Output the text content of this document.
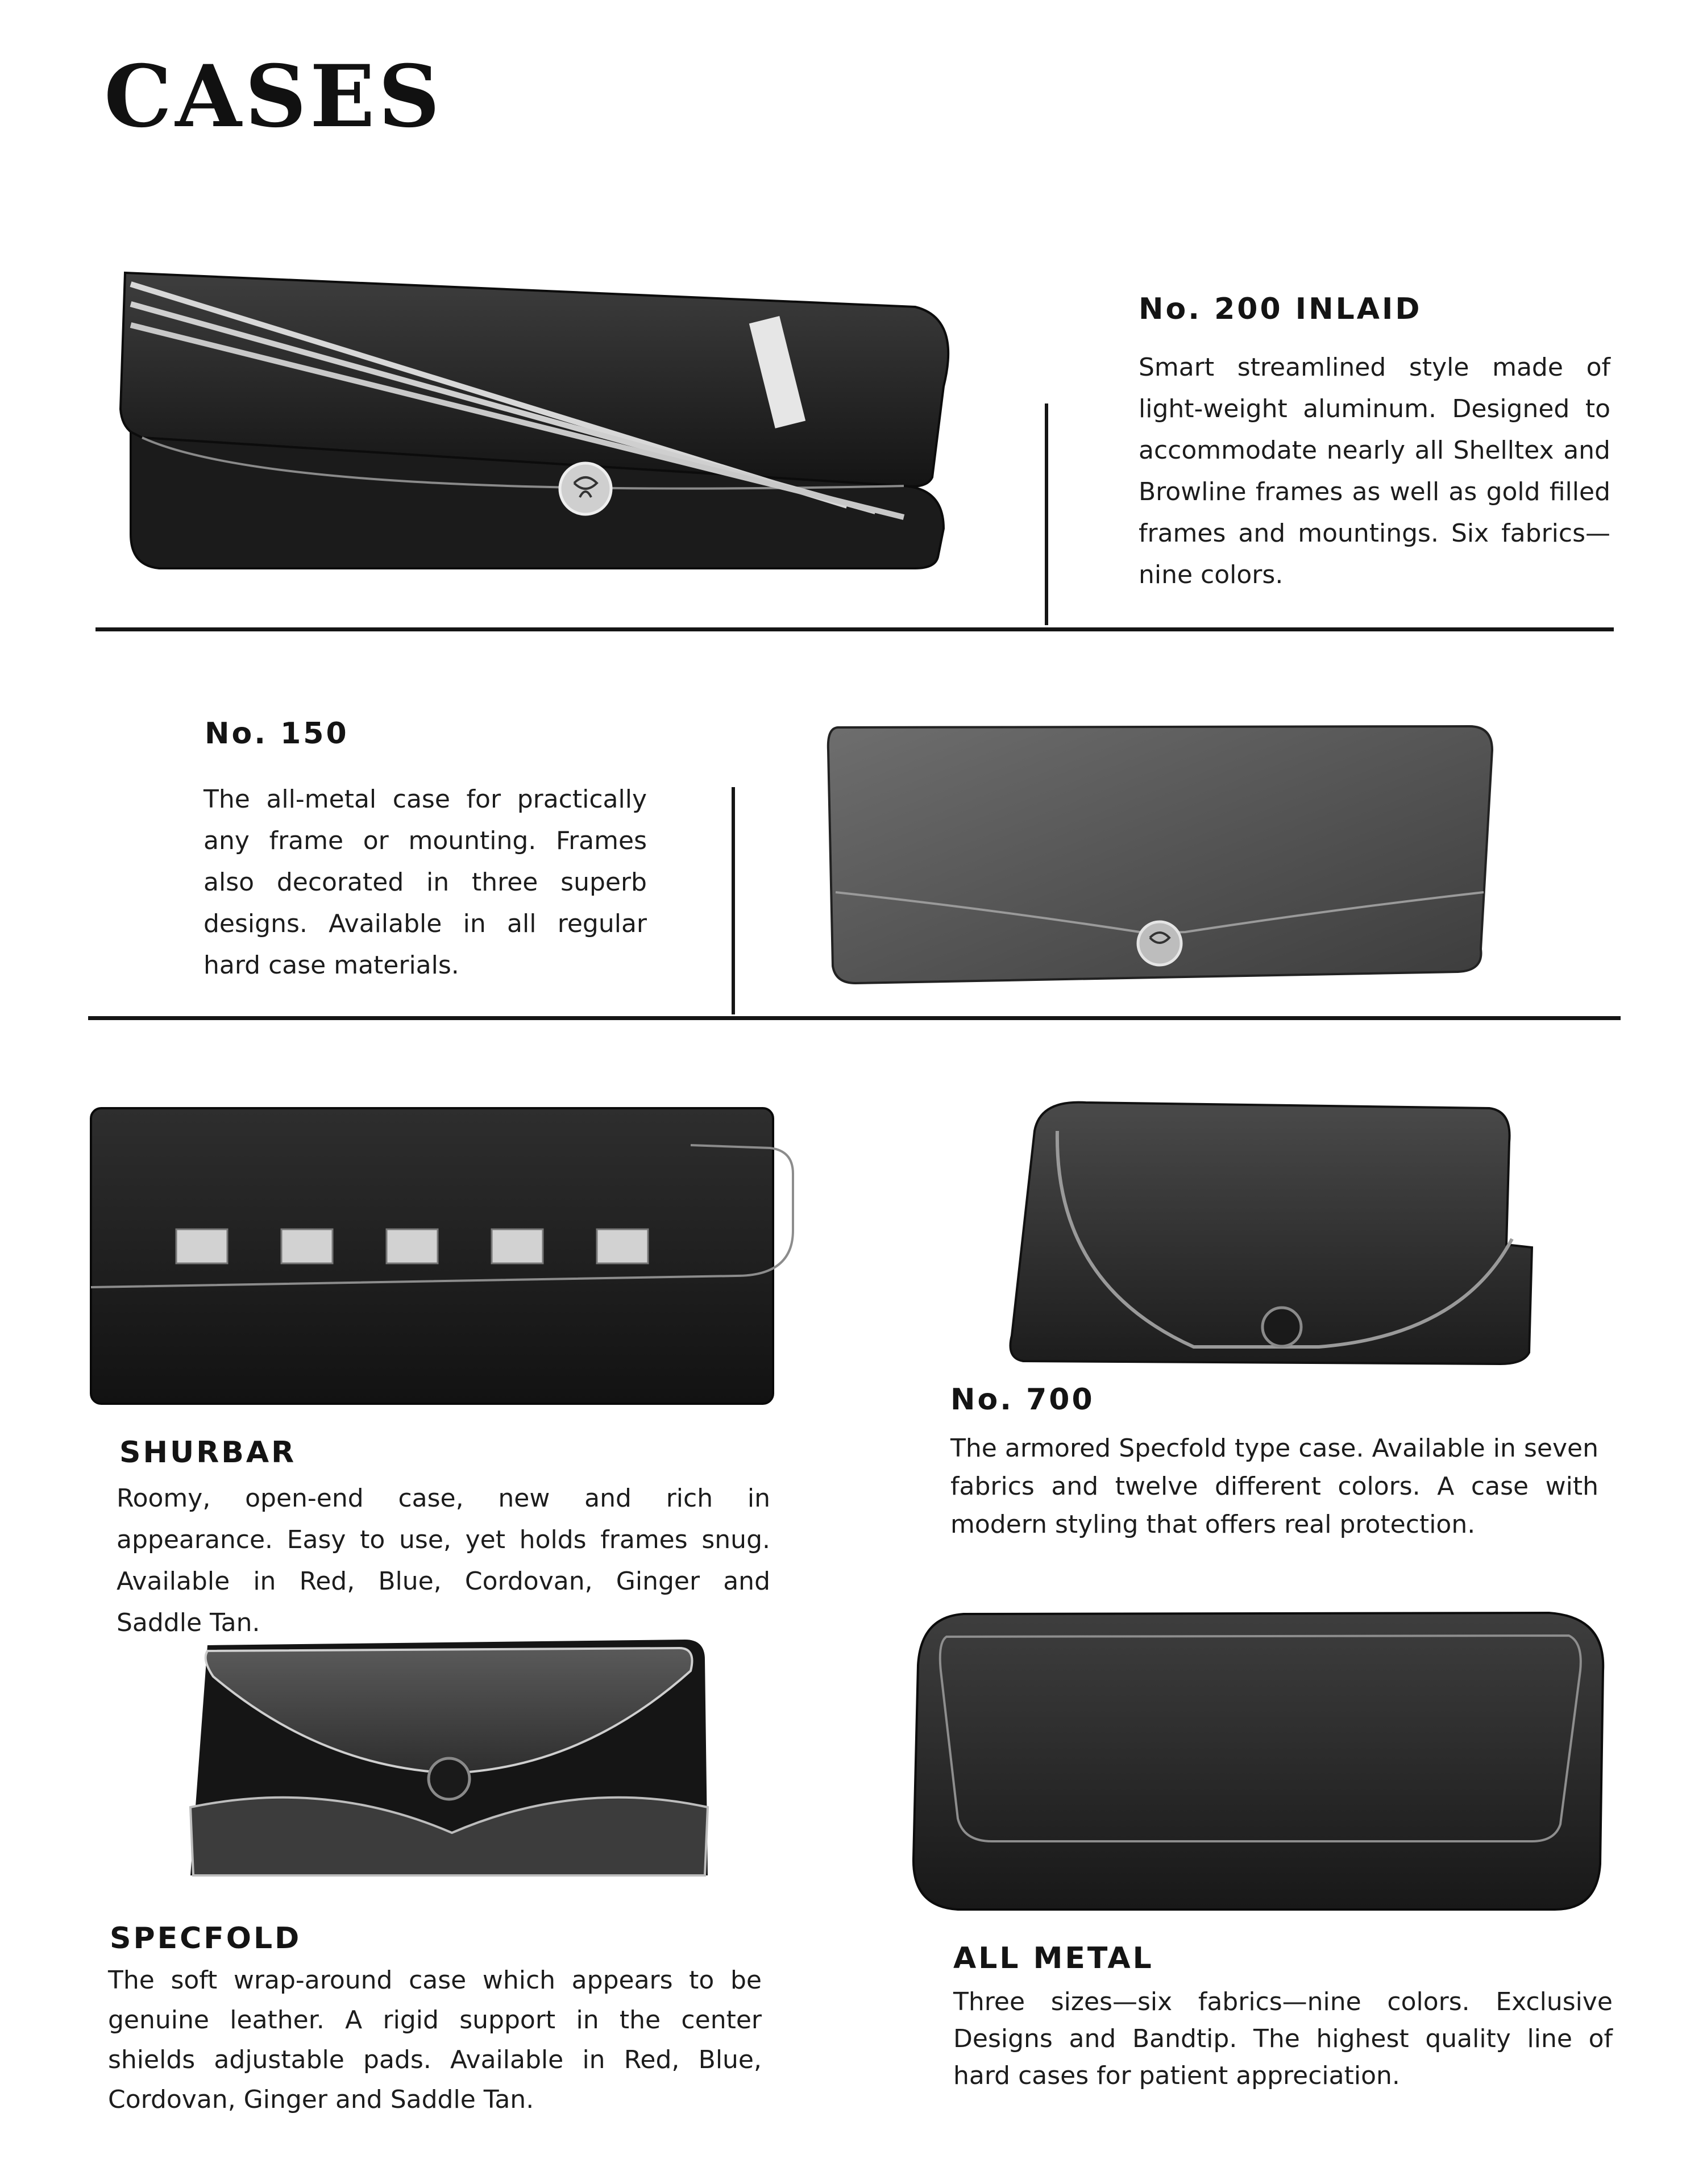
CASES
No. 200 INLAID

Smart streamlined style made of light-weight aluminum. Designed to accommodate nearly all Shelltex and Browline frames as well as gold filled frames and mountings. Six fabrics—nine colors.

No. 150

The all-metal case for practically any frame or mounting. Frames also decorated in three superb designs. Available in all regular hard case materials.

SHURBAR

Roomy, open-end case, new and rich in appearance. Easy to use, yet holds frames snug. Available in Red, Blue, Cordovan, Ginger and Saddle Tan.

No. 700

The armored Specfold type case. Available in seven fabrics and twelve different colors. A case with modern styling that offers real protection.

SPECFOLD

The soft wrap-around case which appears to be genuine leather. A rigid support in the center shields adjustable pads. Available in Red, Blue, Cordovan, Ginger and Saddle Tan.

ALL METAL

Three sizes—six fabrics—nine colors. Exclusive Designs and Bandtip. The highest quality line of hard cases for patient appreciation.
